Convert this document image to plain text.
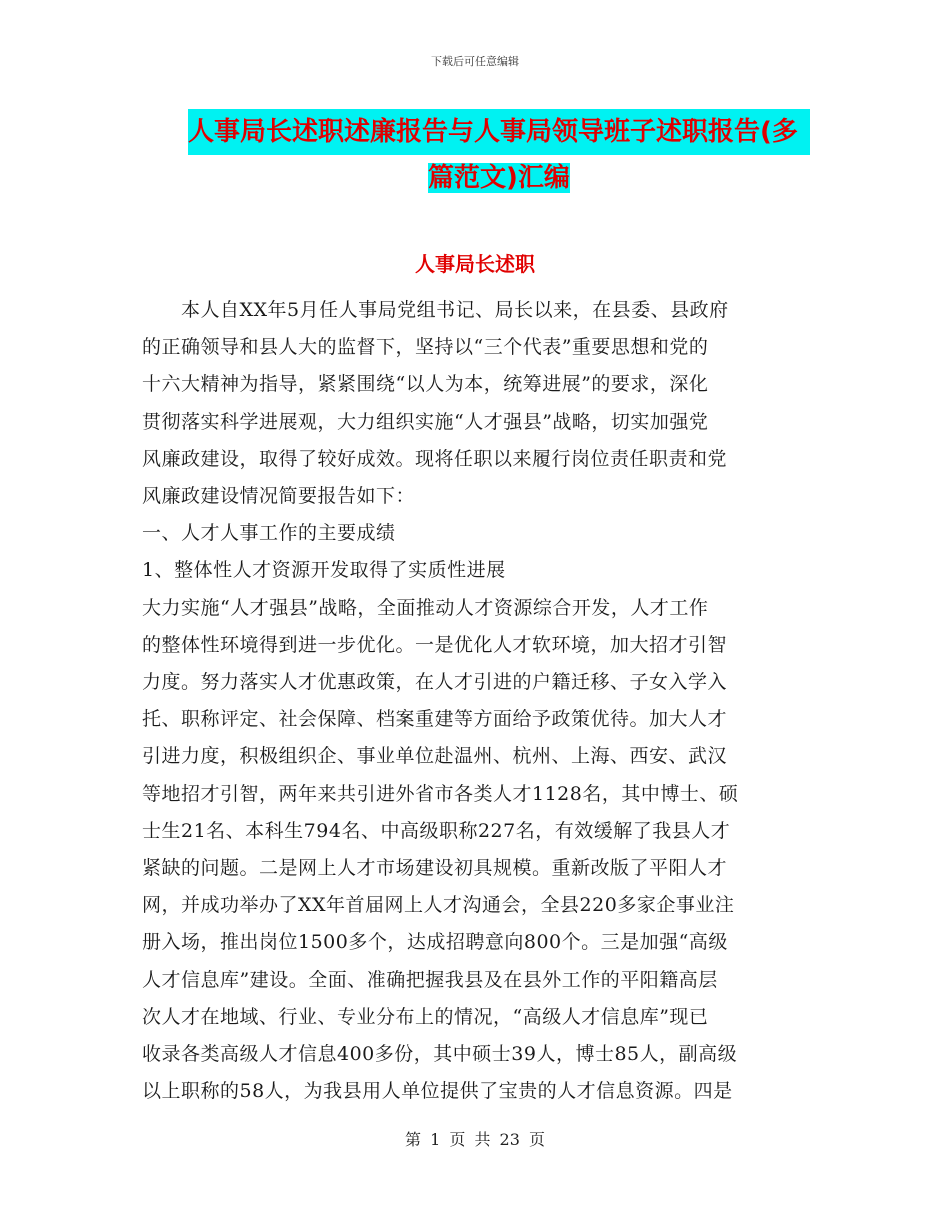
下载后可任意编辑
人事局长述职述廉报告与人事局领导班子述职报告(多
篇范文)汇编
人事局长述职

　　本人自XX年5月任人事局党组书记、局长以来，在县委、县政府

的正确领导和县人大的监督下，坚持以“三个代表”重要思想和党的

十六大精神为指导，紧紧围绕“以人为本，统筹进展”的要求，深化

贯彻落实科学进展观，大力组织实施“人才强县”战略，切实加强党

风廉政建设，取得了较好成效。现将任职以来履行岗位责任职责和党

风廉政建设情况简要报告如下：

一、人才人事工作的主要成绩

1、整体性人才资源开发取得了实质性进展

大力实施“人才强县”战略，全面推动人才资源综合开发，人才工作

的整体性环境得到进一步优化。一是优化人才软环境，加大招才引智

力度。努力落实人才优惠政策，在人才引进的户籍迁移、子女入学入

托、职称评定、社会保障、档案重建等方面给予政策优待。加大人才

引进力度，积极组织企、事业单位赴温州、杭州、上海、西安、武汉

等地招才引智，两年来共引进外省市各类人才1128名，其中博士、硕

士生21名、本科生794名、中高级职称227名，有效缓解了我县人才

紧缺的问题。二是网上人才市场建设初具规模。重新改版了平阳人才

网，并成功举办了XX年首届网上人才沟通会，全县220多家企事业注

册入场，推出岗位1500多个，达成招聘意向800个。三是加强“高级

人才信息库”建设。全面、准确把握我县及在县外工作的平阳籍高层

次人才在地域、行业、专业分布上的情况，“高级人才信息库”现已

收录各类高级人才信息400多份，其中硕士39人，博士85人，副高级

以上职称的58人，为我县用人单位提供了宝贵的人才信息资源。四是

第 1 页 共 23 页
